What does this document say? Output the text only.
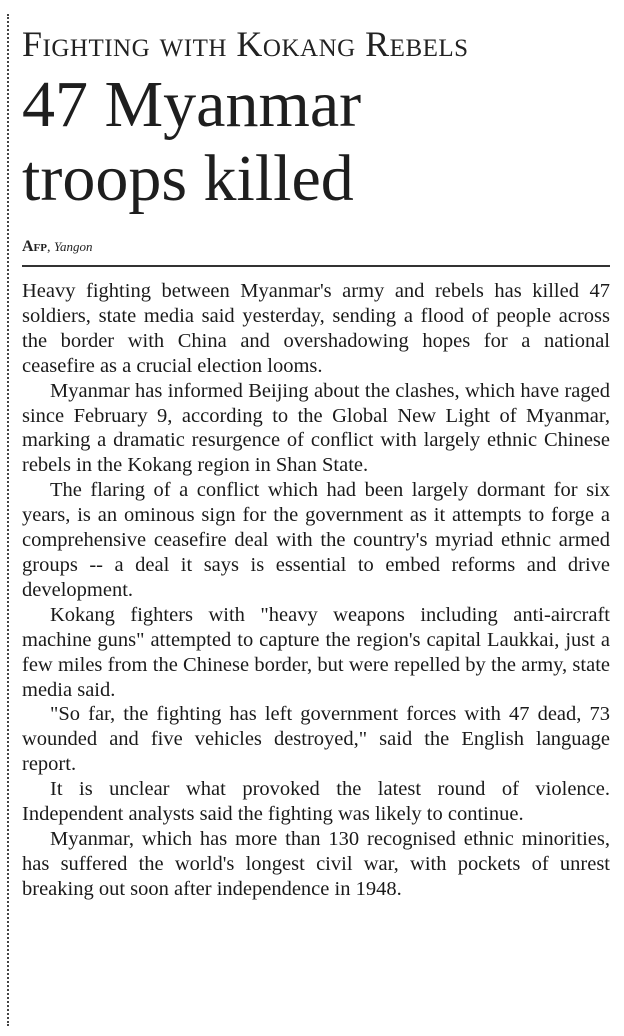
Fighting with Kokang Rebels
47 Myanmar
troops killed
Afp, Yangon

Heavy fighting between Myanmar's army and rebels has killed 47 soldiers, state media said yesterday, sending a flood of people across the border with China and overshadowing hopes for a national ceasefire as a crucial election looms.

Myanmar has informed Beijing about the clashes, which have raged since February 9, according to the Global New Light of Myanmar, marking a dramatic resurgence of conflict with largely ethnic Chinese rebels in the Kokang region in Shan State.

The flaring of a conflict which had been largely dormant for six years, is an ominous sign for the government as it attempts to forge a comprehensive ceasefire deal with the country's myriad ethnic armed groups -- a deal it says is essential to embed reforms and drive development.

Kokang fighters with "heavy weapons including anti-aircraft machine guns" attempted to capture the region's capital Laukkai, just a few miles from the Chinese border, but were repelled by the army, state media said.

"So far, the fighting has left government forces with 47 dead, 73 wounded and five vehicles destroyed," said the English language report.

It is unclear what provoked the latest round of violence. Independent analysts said the fighting was likely to continue.

Myanmar, which has more than 130 recognised ethnic minorities, has suffered the world's longest civil war, with pockets of unrest breaking out soon after independence in 1948.
